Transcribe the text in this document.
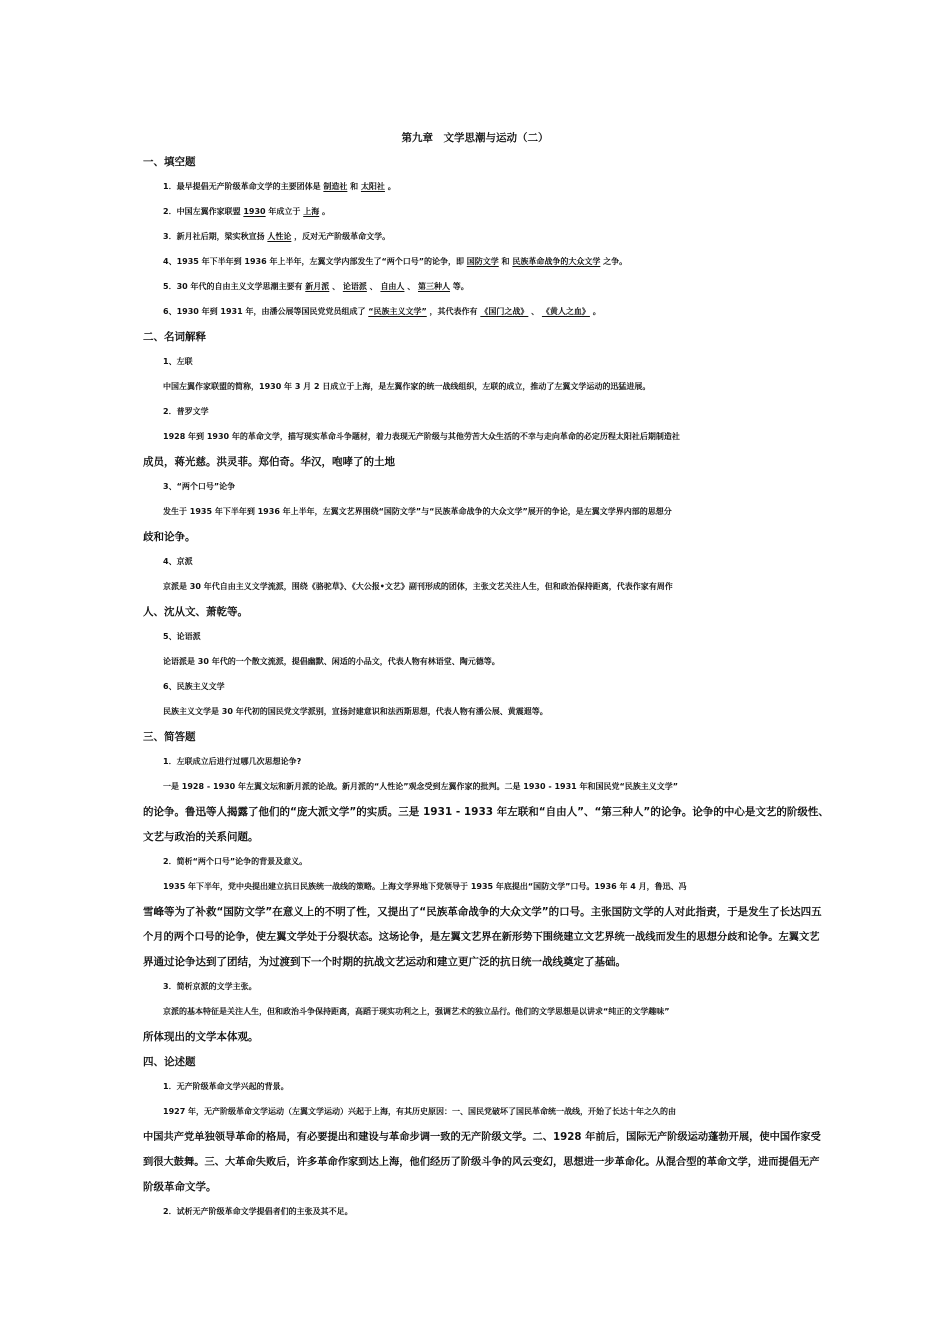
第九章　文学思潮与运动（二）
一、填空题
1．最早提倡无产阶级革命文学的主要团体是 制造社 和 太阳社 。
2．中国左翼作家联盟 1930 年成立于 上海 。
3．新月社后期，梁实秋宣扬 人性论 ，反对无产阶级革命文学。
4、1935 年下半年到 1936 年上半年，左翼文学内部发生了“两个口号”的论争，即 国防文学 和 民族革命战争的大众文学 之争。
5．30 年代的自由主义文学思潮主要有 新月派 、 论语派 、 自由人 、 第三种人 等。
6、1930 年到 1931 年，由潘公展等国民党党员组成了 “民族主义文学” ，其代表作有 《国门之战》 、 《黄人之血》 。
二、名词解释
1、左联
中国左翼作家联盟的简称，1930 年 3 月 2 日成立于上海，是左翼作家的统一战线组织，左联的成立，推动了左翼文学运动的迅猛进展。
2．普罗文学
1928 年到 1930 年的革命文学，描写现实革命斗争题材，着力表现无产阶级与其他劳苦大众生活的不幸与走向革命的必定历程太阳社后期制造社
成员，蒋光慈。洪灵菲。郑伯奇。华汉，咆哮了的土地
3、“两个口号”论争
发生于 1935 年下半年到 1936 年上半年，左翼文艺界围绕“国防文学”与“民族革命战争的大众文学”展开的争论，是左翼文学界内部的思想分
歧和论争。
4、京派
京派是 30 年代自由主义文学流派，围绕《骆驼草》、《大公报•文艺》副刊形成的团体，主张文艺关注人生，但和政治保持距离，代表作家有周作
人、沈从文、萧乾等。
5、论语派
论语派是 30 年代的一个散文流派，提倡幽默、闲适的小品文，代表人物有林语堂、陶元德等。
6、民族主义文学
民族主义文学是 30 年代初的国民党文学派别，宣扬封建意识和法西斯思想，代表人物有潘公展、黄震遐等。
三、简答题
1．左联成立后进行过哪几次思想论争?
一是 1928 - 1930 年左翼文坛和新月派的论战。新月派的“人性论”观念受到左翼作家的批判。二是 1930 - 1931 年和国民党“民族主义文学”
的论争。鲁迅等人揭露了他们的“庞大派文学”的实质。三是 1931 - 1933 年左联和“自由人”、“第三种人”的论争。论争的中心是文艺的阶级性、
文艺与政治的关系问题。
2．简析“两个口号”论争的背景及意义。
1935 年下半年，党中央提出建立抗日民族统一战线的策略。上海文学界地下党领导于 1935 年底提出“国防文学”口号。1936 年 4 月，鲁迅、冯
雪峰等为了补救“国防文学”在意义上的不明了性，又提出了“民族革命战争的大众文学”的口号。主张国防文学的人对此指责，于是发生了长达四五
个月的两个口号的论争，使左翼文学处于分裂状态。这场论争，是左翼文艺界在新形势下围绕建立文艺界统一战线而发生的思想分歧和论争。左翼文艺
界通过论争达到了团结，为过渡到下一个时期的抗战文艺运动和建立更广泛的抗日统一战线奠定了基础。
3．简析京派的文学主张。
京派的基本特征是关注人生，但和政治斗争保持距离，高蹈于现实功利之上，强调艺术的独立品行。他们的文学思想是以讲求“纯正的文学趣味”
所体现出的文学本体观。
四、论述题
1．无产阶级革命文学兴起的背景。
1927 年，无产阶级革命文学运动（左翼文学运动）兴起于上海，有其历史原因：一、国民党破坏了国民革命统一战线，开始了长达十年之久的由
中国共产党单独领导革命的格局，有必要提出和建设与革命步调一致的无产阶级文学。二、1928 年前后，国际无产阶级运动蓬勃开展，使中国作家受
到很大鼓舞。三、大革命失败后，许多革命作家到达上海，他们经历了阶级斗争的风云变幻，思想进一步革命化。从混合型的革命文学，进而提倡无产
阶级革命文学。
2．试析无产阶级革命文学提倡者们的主张及其不足。
